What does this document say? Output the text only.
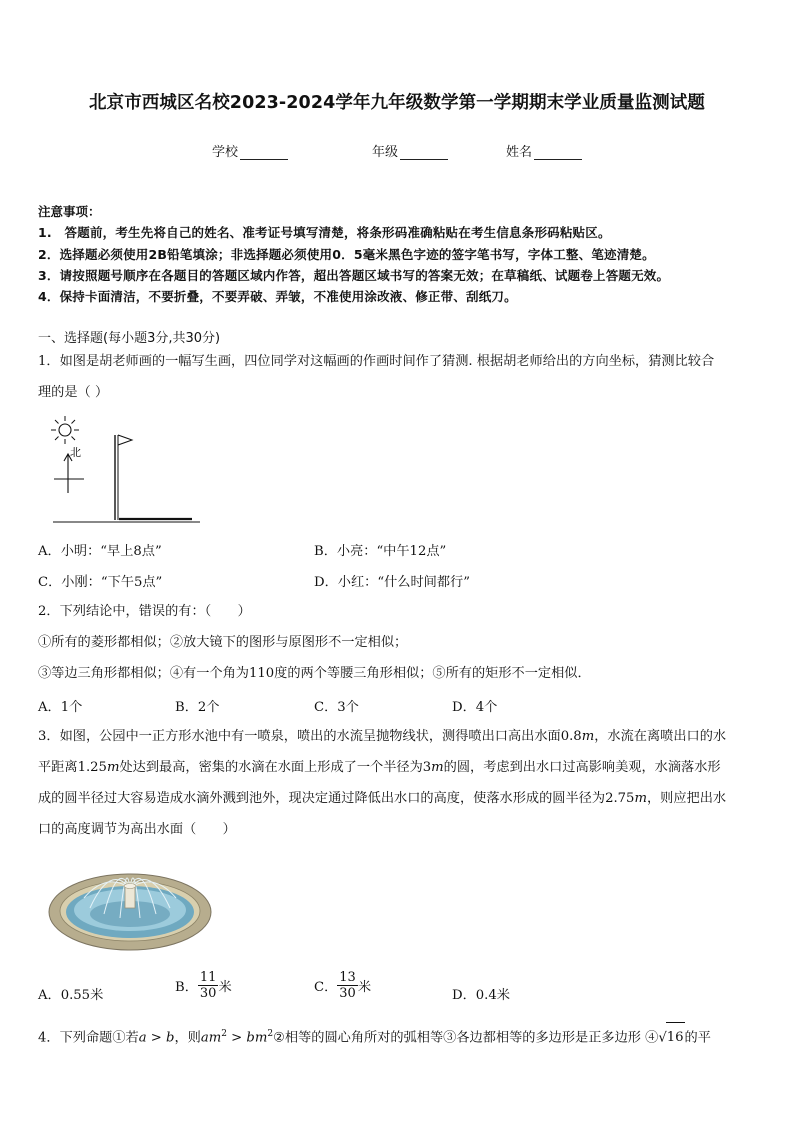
北京市西城区名校2023-2024学年九年级数学第一学期期末学业质量监测试题
学校	年级	姓名
注意事项：
1.　答题前，考生先将自己的姓名、准考证号填写清楚，将条形码准确粘贴在考生信息条形码粘贴区。
2．选择题必须使用2B铅笔填涂；非选择题必须使用0．5毫米黑色字迹的签字笔书写，字体工整、笔迹清楚。
3．请按照题号顺序在各题目的答题区域内作答，超出答题区域书写的答案无效；在草稿纸、试题卷上答题无效。
4．保持卡面清洁，不要折叠，不要弄破、弄皱，不准使用涂改液、修正带、刮纸刀。
一、选择题(每小题3分,共30分)
1．如图是胡老师画的一幅写生画，四位同学对这幅画的作画时间作了猜测. 根据胡老师给出的方向坐标，猜测比较合
理的是（ ）
北
A．小明：“早上8点”	B．小亮：“中午12点”
C．小刚：“下午5点”	D．小红：“什么时间都行”
2．下列结论中，错误的有：（　　）
①所有的菱形都相似；②放大镜下的图形与原图形不一定相似；
③等边三角形都相似；④有一个角为110度的两个等腰三角形相似；⑤所有的矩形不一定相似．
A．1个	B．2个	C．3个	D．4个
3．如图，公园中一正方形水池中有一喷泉，喷出的水流呈抛物线状，测得喷出口高出水面0.8m，水流在离喷出口的水
平距离1.25m处达到最高，密集的水滴在水面上形成了一个半径为3m的圆，考虑到出水口过高影响美观，水滴落水形
成的圆半径过大容易造成水滴外溅到池外，现决定通过降低出水口的高度，使落水形成的圆半径为2.75m，则应把出水
口的高度调节为高出水面（　　）
A．0.55米
B． $\frac{11}{30}$ 米	C． $\frac{13}{30}$ 米
D．0.4米
4．下列命题①若a > b，则$am^2$ > $bm^2②$相等的圆心角所对的弧相等③各边都相等的多边形是正多边形 ④√16的平
